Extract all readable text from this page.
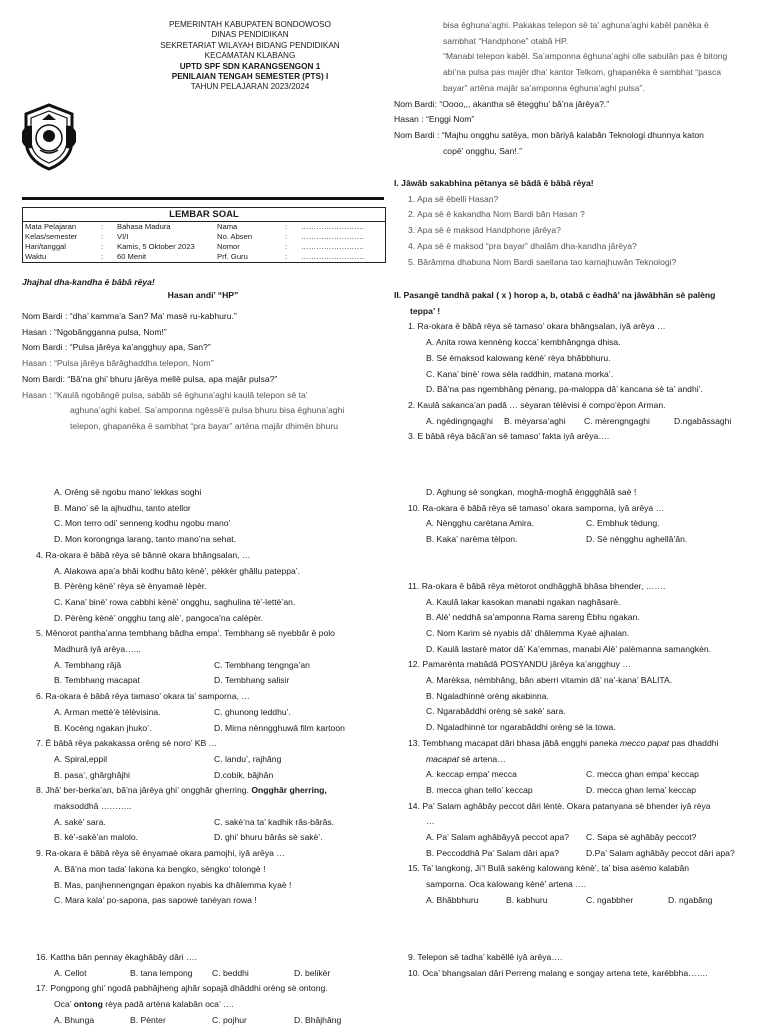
PEMERINTAH KABUPATEN BONDOWOSO
DINAS PENDIDIKAN
SEKRETARIAT WILAYAH BIDANG PENDIDIKAN
KECAMATAN KLABANG
UPTD SPF SDN KARANGSENGON 1
PENILAIAN TENGAH SEMESTER (PTS) I
TAHUN PELAJARAN 2023/2024
LEMBAR SOAL
Mata Pelajaran	:	Bahasa Madura	Nama	:	…………………….
Kelas/semester	:	VI/I	No. Absen	:	…………………….
Hari/tanggal	:	Kamis, 5 Oktober 2023	Nomor	:	…………………….
Waktu	:	60 Menit	Prf. Guru	:	…………………….

Jhajhal dha-kandha ē bâbâ rēya!

Hasan andi’ “HP”

Nom Bardi : “dha’ kamma’a San? Ma’ masē ru-kabhuru.”

Hasan : “Ngobângganna pulsa, Nom!”

Nom Bardi : “Pulsa jârēya ka’angghuy apa, San?”

Hasan : “Pulsa jârēya bârâghaddha telepon, Nom”

Nom Bardi: “Bâ’na ghi’ bhuru jârēya mellē pulsa, apa majâr pulsa?”

Hasan : “Kaulâ ngobângē pulsa, sabâb sē ēghuna’aghi kaulâ telepon sē ta’

aghuna’aghi kabel. Sa’amponna ngēssē’ē pulsa bhuru bisa ēghuna’aghi

telepon, ghapanēka ē sambhat “pra bayar” artēna majâr dhimēn bhuru

bisa ēghuna’aghi. Pakakas telepon sē ta’ aghuna’aghi kabēl panēka ē

sambhat “Handphone” otabâ HP.

“Manabi telepon kabēl. Sa’amponna ēghuna’aghi olle sabulân pas ē bitong

abi’na pulsa pas majēr dha’ kantor Telkom, ghapanēka ē sambhat “pasca

bayar” artēna majâr sa’amponna ēghuna’aghi pulsa”.

Nom Bardi: “Oooo,,, akantha sē ētegghu’ bâ’na jârēya?.”

Hasan : “Enggi Nom”

Nom Bardi : “Majhu ongghu satēya, mon bâriyâ kalabân Teknologi dhunnya katon

copē’ ongghu, San!.”

I. Jâwâb sakabhina pētanya sē bâdâ ē bâbâ rēya!

1. Apa sē ēbelli Hasan?

2. Apa sē ē kakandha Nom Bardi bân Hasan ?

3. Apa sē ē maksod Handphone jârēya?

4. Apa sē ē maksod “pra bayar” dhalâm dha-kandha jârēya?

5. Bârâmma dhabuna Nom Bardi saellana tao kamajhuwân Teknologi?

II. Pasangē tandhâ pakal ( x ) horop a, b, otabâ c ēadhâ’ na jâwâbhân sè palèng

teppa’ !

1. Ra-okara ē bâbâ rēya sē tamaso’ okara bhângsalan, iyâ arēya …

A. Anita rowa kennèng kocca’ kembhângnga dhisa.

B. Sè èmaksod kalowang kènè’ rèya bhâbbhuru.

C. Kana’ binè’ rowa sèla raddhin, matana morka’.

D. Bâ’na pas ngembhâng pènang, pa-maloppa dâ’ kancana sè ta’ andhi’.

2. Kaulâ sakanca’an padâ … sèyaran tèlèvisi è compo’èpon Arman.

A. ngèdingngaghi	B. mèyarsa’aghi	C. mèrengngaghi	D.ngabâssaghi

3. E bâbâ rēya bâcâ’an sē tamaso’ fakta iyâ arēya….

A. Orēng sē ngobu mano’ lekkas soghi

B. Mano’ sē la ajhudhu, tanto atellor

C. Mon terro odi’ senneng kodhu ngobu mano’

D. Mon korongnga larang, tanto mano’na sehat.

4. Ra-okara ē bâbâ rēya sē bânnē okara bhângsalan, …

A. Alakowa apa’a bhâi kodhu bâto kènè’, pèkkèr ghâllu pateppa’.

B. Pèrèng kènè’ rèya sè ènyamaè lèpèr.

C. Kana’ binè’ rowa cabbhi kènè’ ongghu, saghulina tè’-lettè’an.

D. Pèrèng kènè’ ongghu tang alè’, pangoca’na calèpèr.

5. Mēnorot pantha’anna tembhang bâdha empa’. Tembhang sē nyebbâr ē polo

Madhurâ iyâ arēya…...

A. Tembhang râjâ	C. Tembhang tengnga’an
B. Tembhang macapat	D. Tembhang salisir

6. Ra-okara ē bâbâ rēya tamaso’ okara ta’ samporna, …

A. Arman mettè’è tèlèvisina.	C. ghunong leddhu’.
B. Kocèng ngakan jhuko’.	D. Mirna nènngghuwâ film kartoon

7. Ē bâbâ rēya pakakassa orēng sè noro’ KB …

A. Spiral,eppil	C. landu’, rajhâng
B. pasa’, ghârghâjhi	D.cobik, bâjhân

8. Jhâ’ ber-berka’an, bâ’na jârēya ghi’ ongghâr gherring. Ongghâr gherring,

maksoddhâ ………..

A. sakè’ sara.	C. sakè’na ta’ kadhik râs-bârâs.
B. kè’-sakè’an malolo.	D. ghi’ bhuru bârâs sè sakè’.

9. Ra-okara ē bâbâ rēya sē ènyamaè okara pamojhi, iyâ arēya …

A. Bâ’na mon tada’ lakona ka bengko, sèngko’ tolongè !

B. Mas, panjhennengngan èpakon nyabis ka dhâlemma kyaè !

C. Mara kala’ po-sapona, pas sapowè tanèyan rowa !

D. Aghung sè songkan, moghâ-moghâ ènggghâlâ saè !

10. Ra-okara ē bâbâ rēya sē tamaso’ okara samporna, iyâ arēya …

A. Nèngghu carètana Amira.	C. Embhuk tèdung.
B. Kaka’ narèma tèlpon.	D. Sè nèngghu aghellâ’ân.

11. Ra-okara ē bâbâ rēya mètorot ondhâgghâ bhâsa bhender, …….

A. Kaulâ lakar kasokan manabi ngakan naghâsarè.

B. Alè’ neddhâ sa’amponna Rama sareng Èbhu ngakan.

C. Nom Karim sè nyabis dâ’ dhâlemma Kyaè ajhalan.

D. Kaulâ lastarè mator dâ’ Ka’emmas, manabi Alè’ palèmanna samangkèn.

12. Pamarènta mabâdâ POSYANDU jârēya ka’angghuy …

A. Marèksa, nèmbhâng, bân aberri vitamin dâ’ na’-kana’ BALITA.

B. Ngaladhinnè orèng akabinna.

C. Ngarabâddhi orèng sè sakè’ sara.

D. Ngaladhinnè tor ngarabâddhi orèng sè la towa.

13. Tembhang macapat dâri bhasa jâbâ engghi paneka mecco papat pas dhaddhi

macapat sē artena…

A. keccap empa’ mecca	C. mecca ghan empa’ keccap
B. mecca ghan tello’ keccap	D. mecca ghan lema’ keccap

14. Pa’ Salam aghâbây peccot dâri lèntè. Okara patanyana sè bhender iyâ rèya

…

A. Pa’ Salam aghâbâyyâ peccot apa?	C. Sapa sè aghâbây peccot?
B. Peccoddhâ Pa’ Salam dâri apa?	D.Pa’ Salam aghâbây peccot dâri apa?

15. Ta’ langkong, Ji’! Bulâ sakèng kalowang kènè’, ta’ bisa asèmo kalabân

samporna. Oca kalowang kènè’ artena ….

A. Bhâbbhuru	B. kabhuru	C. ngabbher	D. ngabâng

16. Kattha bân pennay èkaghâbây dâri ….

A. Cellot	B. tana lempong	C. beddhi	D. belikèr

17. Pongpong ghi’ ngodâ pabhâjheng ajhâr sopajâ dhâddhi orèng sè ontong.

Oca’ ontong rèya padâ artèna kalabân oca’ ….

A. Bhunga	B. Pènter	C. pojhur	D. Bhâjhâng

9. Telepon sē tadha’ kabēllē iyâ arēya….

10. Oca’ bhangsalan dâri Perreng malang e songay artena tete, karēbbha…….
